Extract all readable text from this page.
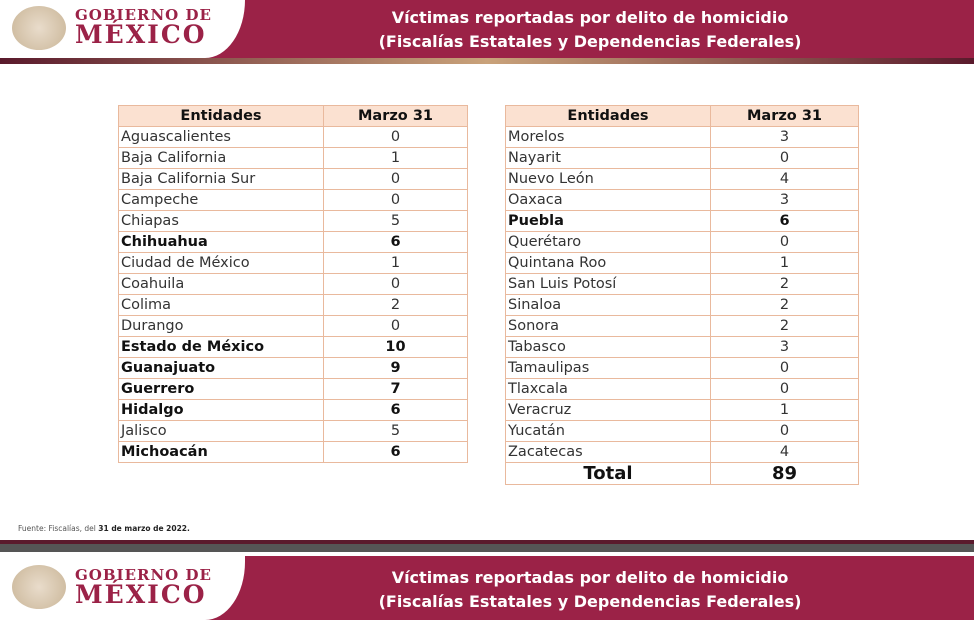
GOBIERNO DE
MÉXICO
Víctimas reportadas por delito de homicidio
(Fiscalías Estatales y Dependencias Federales)
Entidades	Marzo 31
Aguascalientes	0
Baja California	1
Baja California Sur	0
Campeche	0
Chiapas	5
Chihuahua	6
Ciudad de México	1
Coahuila	0
Colima	2
Durango	0
Estado de México	10
Guanajuato	9
Guerrero	7
Hidalgo	6
Jalisco	5
Michoacán	6
Entidades	Marzo 31
Morelos	3
Nayarit	0
Nuevo León	4
Oaxaca	3
Puebla	6
Querétaro	0
Quintana Roo	1
San Luis Potosí	2
Sinaloa	2
Sonora	2
Tabasco	3
Tamaulipas	0
Tlaxcala	0
Veracruz	1
Yucatán	0
Zacatecas	4
Total	89
Fuente: Fiscalías, del 31 de marzo de 2022.
GOBIERNO DE
MÉXICO
Víctimas reportadas por delito de homicidio
(Fiscalías Estatales y Dependencias Federales)
